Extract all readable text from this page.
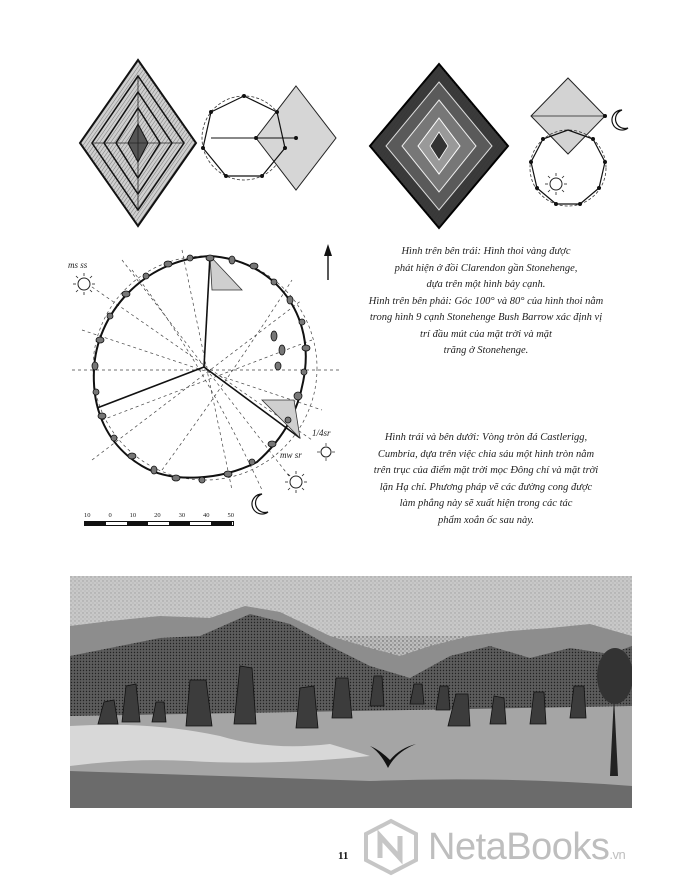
ms ss
1/4sr
mw sr
10	0	10	20	30	40	50
Hình trên bên trái: Hình thoi vàng được
phát hiện ở đồi Clarendon gần Stonehenge,
dựa trên một hình bảy cạnh.
Hình trên bên phải: Góc 100° và 80° của hình thoi nằm
trong hình 9 cạnh Stonehenge Bush Barrow xác định vị
trí đầu mút của mặt trời và mặt
trăng ở Stonehenge.
Hình trái và bên dưới: Vòng tròn đá Castlerigg,
Cumbria, dựa trên việc chia sáu một hình tròn nằm
trên trục của điểm mặt trời mọc Đông chí và mặt trời
lặn Hạ chí. Phương pháp vẽ các đường cong được
làm phẳng này sẽ xuất hiện trong các tác
phẩm xoắn ốc sau này.
11 NetaBooks.vn
